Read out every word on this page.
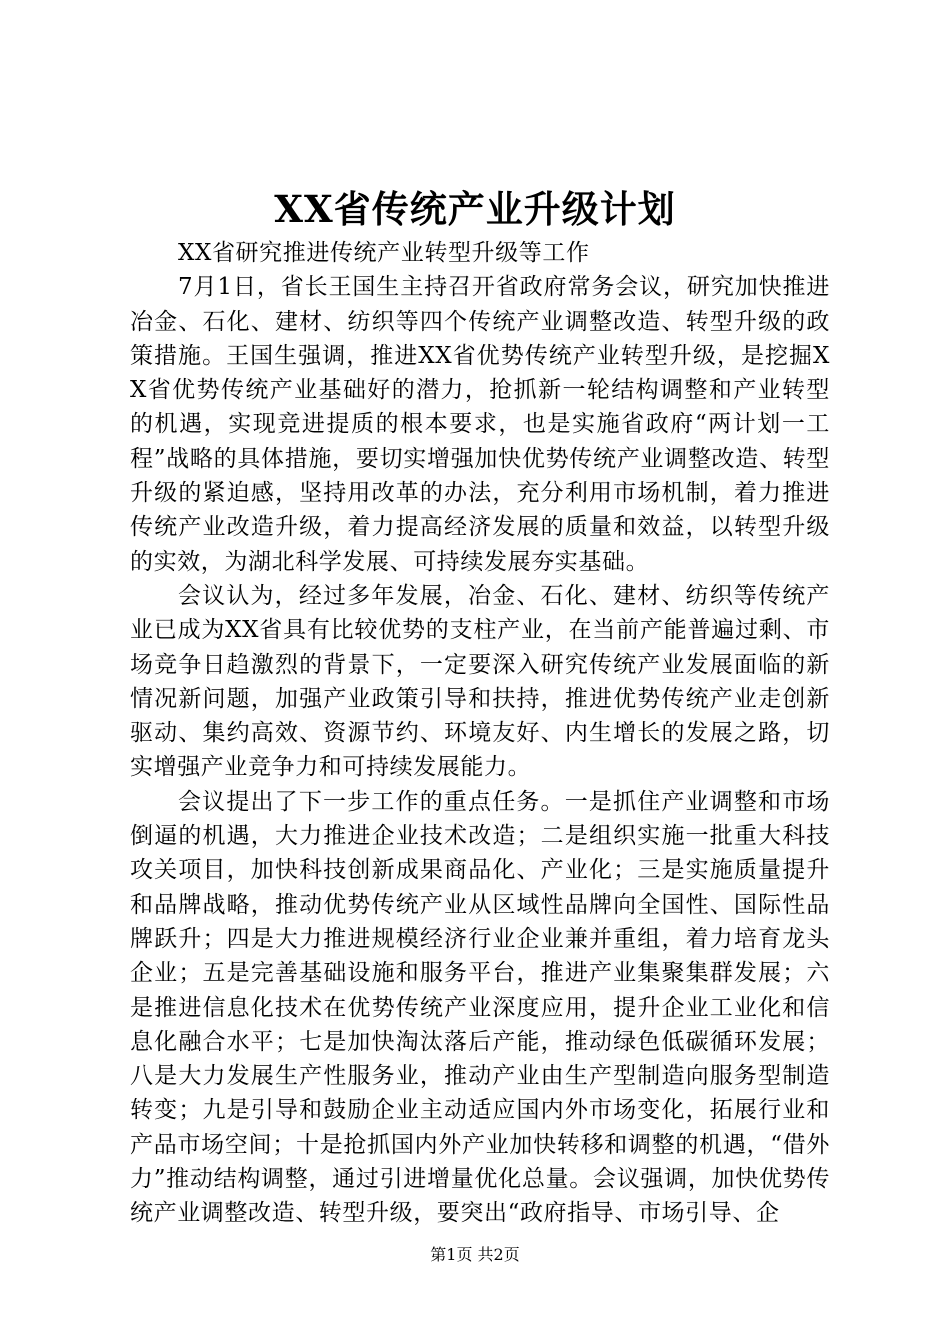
XX省传统产业升级计划

XX省研究推进传统产业转型升级等工作

7月1日，省长王国生主持召开省政府常务会议，研究加快推进冶金、石化、建材、纺织等四个传统产业调整改造、转型升级的政策措施。王国生强调，推进XX省优势传统产业转型升级，是挖掘XX省优势传统产业基础好的潜力，抢抓新一轮结构调整和产业转型的机遇，实现竞进提质的根本要求，也是实施省政府“两计划一工程”战略的具体措施，要切实增强加快优势传统产业调整改造、转型升级的紧迫感，坚持用改革的办法，充分利用市场机制，着力推进传统产业改造升级，着力提高经济发展的质量和效益，以转型升级的实效，为湖北科学发展、可持续发展夯实基础。

会议认为，经过多年发展，冶金、石化、建材、纺织等传统产业已成为XX省具有比较优势的支柱产业，在当前产能普遍过剩、市场竞争日趋激烈的背景下，一定要深入研究传统产业发展面临的新情况新问题，加强产业政策引导和扶持，推进优势传统产业走创新驱动、集约高效、资源节约、环境友好、内生增长的发展之路，切实增强产业竞争力和可持续发展能力。

会议提出了下一步工作的重点任务。一是抓住产业调整和市场倒逼的机遇，大力推进企业技术改造；二是组织实施一批重大科技攻关项目，加快科技创新成果商品化、产业化；三是实施质量提升和品牌战略，推动优势传统产业从区域性品牌向全国性、国际性品牌跃升；四是大力推进规模经济行业企业兼并重组，着力培育龙头企业；五是完善基础设施和服务平台，推进产业集聚集群发展；六是推进信息化技术在优势传统产业深度应用，提升企业工业化和信息化融合水平；七是加快淘汰落后产能，推动绿色低碳循环发展；八是大力发展生产性服务业，推动产业由生产型制造向服务型制造转变；九是引导和鼓励企业主动适应国内外市场变化，拓展行业和产品市场空间；十是抢抓国内外产业加快转移和调整的机遇，“借外力”推动结构调整，通过引进增量优化总量。会议强调，加快优势传统产业调整改造、转型升级，要突出“政府指导、市场引导、企

第1页 共2页
